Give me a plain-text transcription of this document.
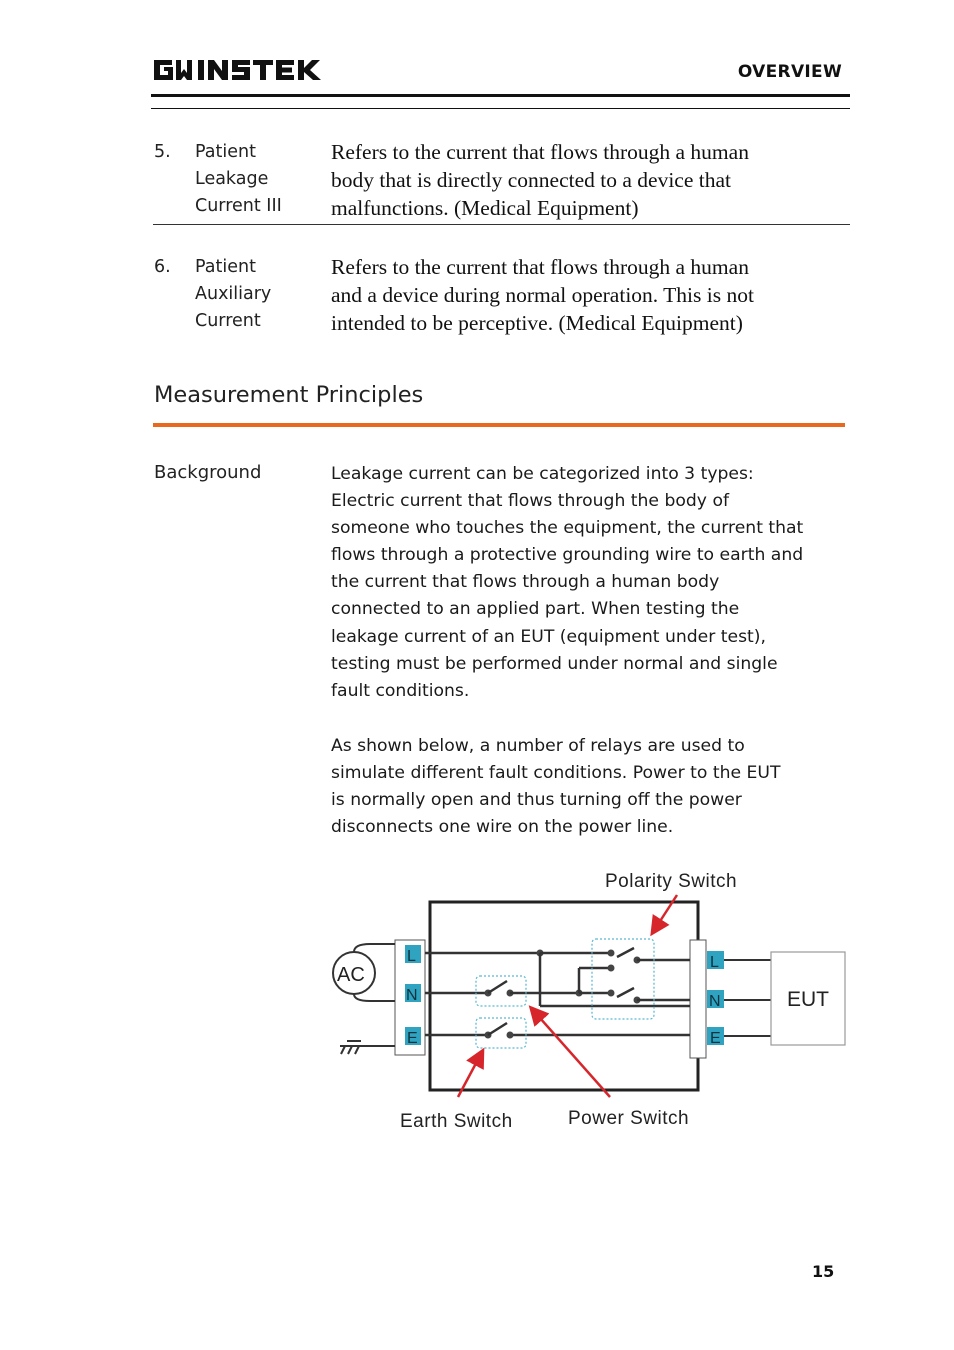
OVERVIEW
5. Patient
Leakage
Current III
Refers to the current that flows through a human
body that is directly connected to a device that
malfunctions. (Medical Equipment)
6. Patient
Auxiliary
Current
Refers to the current that flows through a human
and a device during normal operation. This is not
intended to be perceptive. (Medical Equipment)
Measurement Principles
Background	Leakage current can be categorized into 3 types:
Electric current that flows through the body of
someone who touches the equipment, the current that
flows through a protective grounding wire to earth and
the current that flows through a human body
connected to an applied part. When testing the
leakage current of an EUT (equipment under test),
testing must be performed under normal and single
fault conditions.
As shown below, a number of relays are used to
simulate different fault conditions. Power to the EUT
is normally open and thus turning off the power
disconnects one wire on the power line.
Polarity Switch
L
N
E
L
N
E
AC
EUT
Earth Switch	Power Switch
15
